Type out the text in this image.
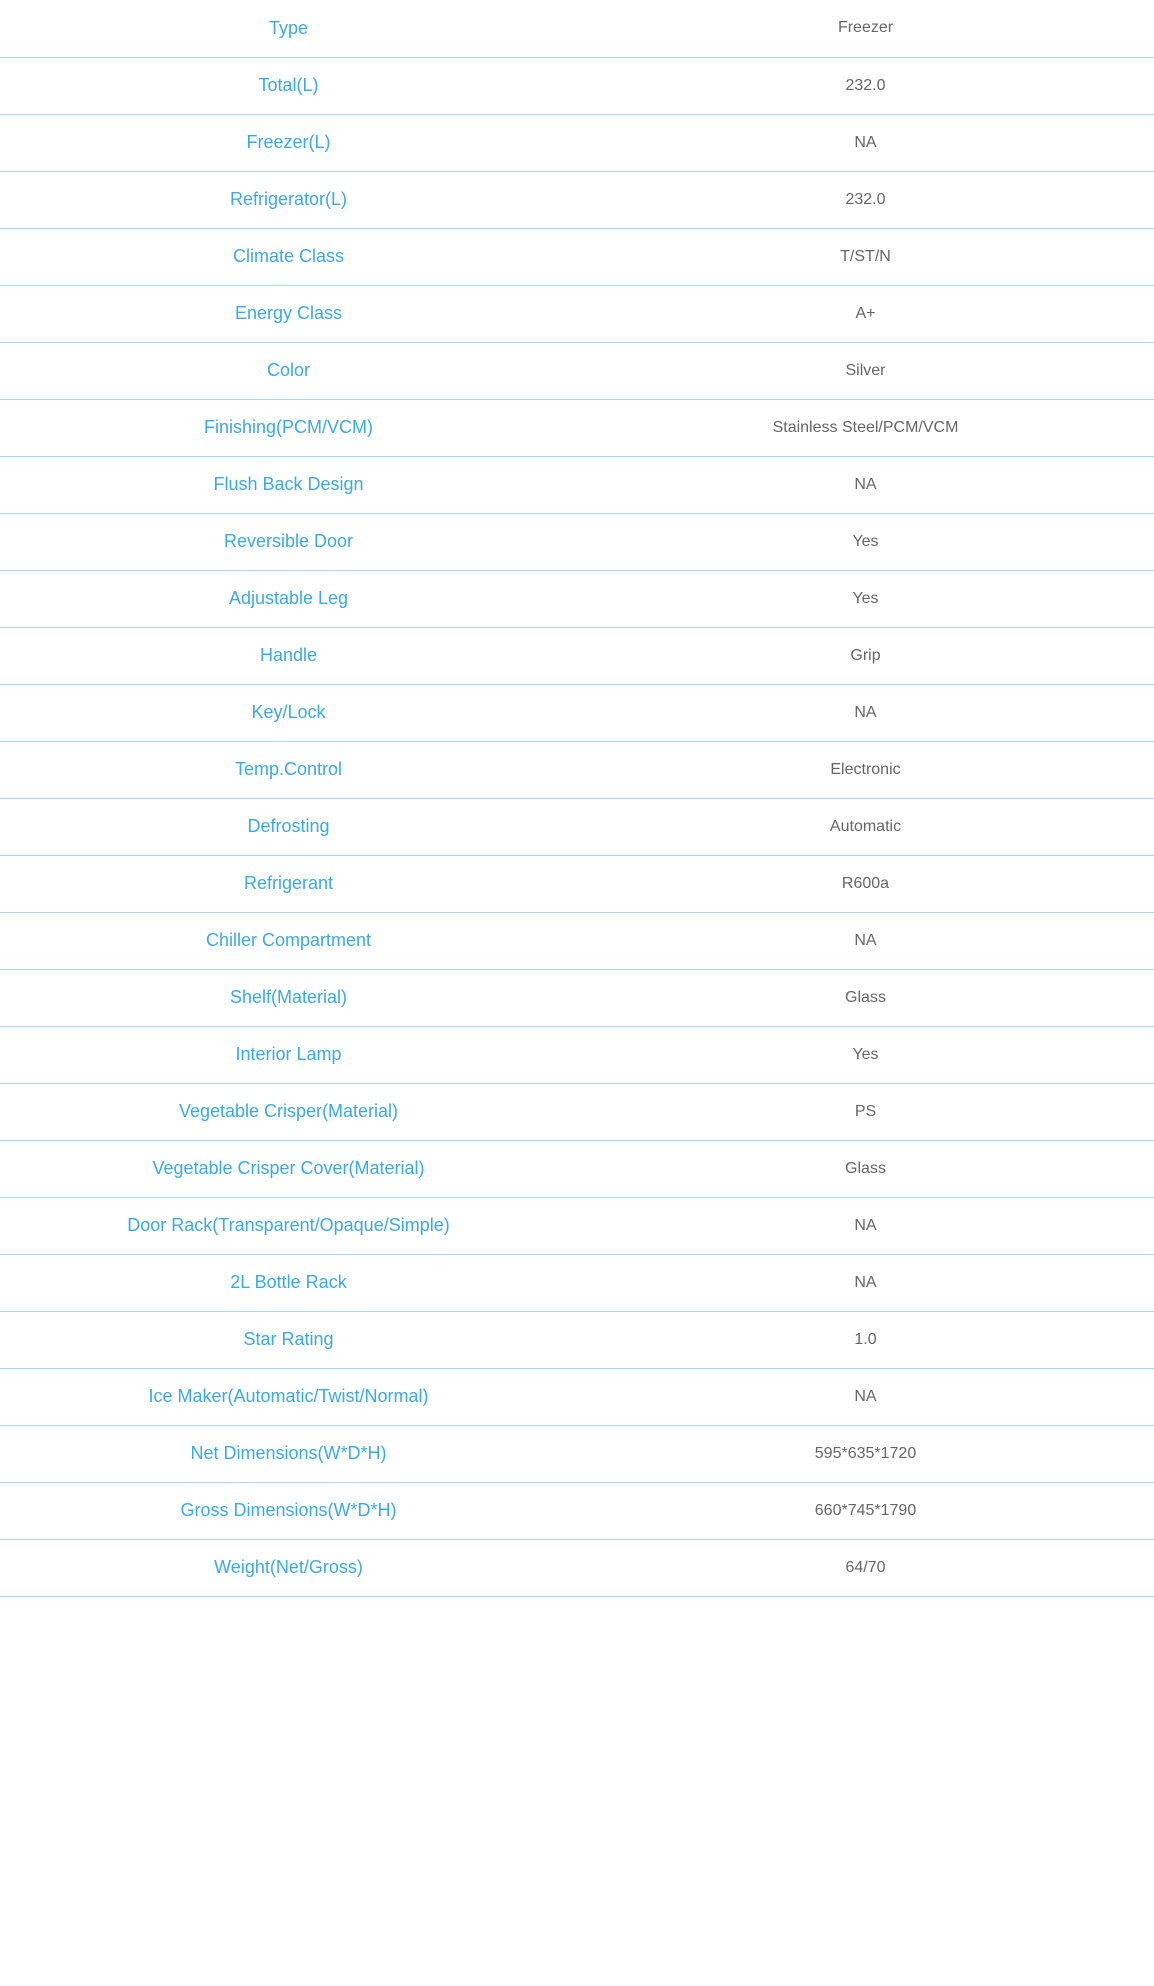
Type	Freezer
Total(L)	232.0
Freezer(L)	NA
Refrigerator(L)	232.0
Climate Class	T/ST/N
Energy Class	A+
Color	Silver
Finishing(PCM/VCM)	Stainless Steel/PCM/VCM
Flush Back Design	NA
Reversible Door	Yes
Adjustable Leg	Yes
Handle	Grip
Key/Lock	NA
Temp.Control	Electronic
Defrosting	Automatic
Refrigerant	R600a
Chiller Compartment	NA
Shelf(Material)	Glass
Interior Lamp	Yes
Vegetable Crisper(Material)	PS
Vegetable Crisper Cover(Material)	Glass
Door Rack(Transparent/Opaque/Simple)	NA
2L Bottle Rack	NA
Star Rating	1.0
Ice Maker(Automatic/Twist/Normal)	NA
Net Dimensions(W*D*H)	595*635*1720
Gross Dimensions(W*D*H)	660*745*1790
Weight(Net/Gross)	64/70
